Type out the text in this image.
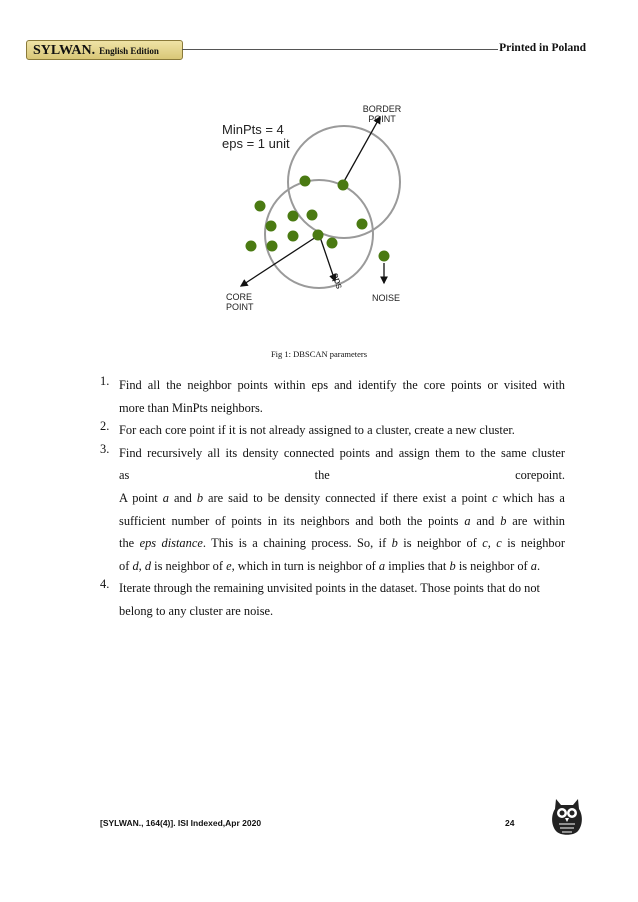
SYLWAN. English Edition	Printed in Poland
MinPts = 4
eps = 1 unit
BORDER
POINT
eps
CORE
POINT
NOISE
Fig 1: DBSCAN parameters
1. Find all the neighbor points within eps and identify the core points or visited with
more than MinPts neighbors.
2. For each core point if it is not already assigned to a cluster, create a new cluster.
3. Find recursively all its density connected points and assign them to the same cluster
as	the	corepoint.
A point a and b are said to be density connected if there exist a point c which has a
sufficient number of points in its neighbors and both the points a and b are within
the eps distance. This is a chaining process. So, if b is neighbor of c, c is neighbor
of d, d is neighbor of e, which in turn is neighbor of a implies that b is neighbor of a.
4. Iterate through the remaining unvisited points in the dataset. Those points that do not
belong to any cluster are noise.
[SYLWAN., 164(4)]. ISI Indexed,Apr 2020	24
